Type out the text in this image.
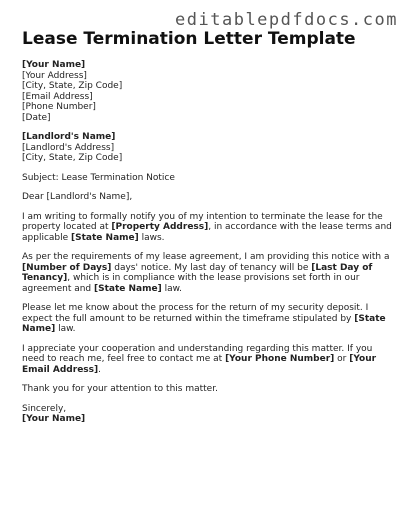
editablepdfdocs.com
Lease Termination Letter Template
[Your Name]
[Your Address]
[City, State, Zip Code]
[Email Address]
[Phone Number]
[Date]
[Landlord's Name]
[Landlord's Address]
[City, State, Zip Code]

Subject: Lease Termination Notice

Dear [Landlord's Name],

I am writing to formally notify you of my intention to terminate the lease for the property located at [Property Address], in accordance with the lease terms and applicable [State Name] laws.

As per the requirements of my lease agreement, I am providing this notice with a [Number of Days] days' notice. My last day of tenancy will be [Last Day of Tenancy], which is in compliance with the lease provisions set forth in our agreement and [State Name] law.

Please let me know about the process for the return of my security deposit. I expect the full amount to be returned within the timeframe stipulated by [State Name] law.

I appreciate your cooperation and understanding regarding this matter. If you need to reach me, feel free to contact me at [Your Phone Number] or [Your Email Address].

Thank you for your attention to this matter.

Sincerely,
[Your Name]
